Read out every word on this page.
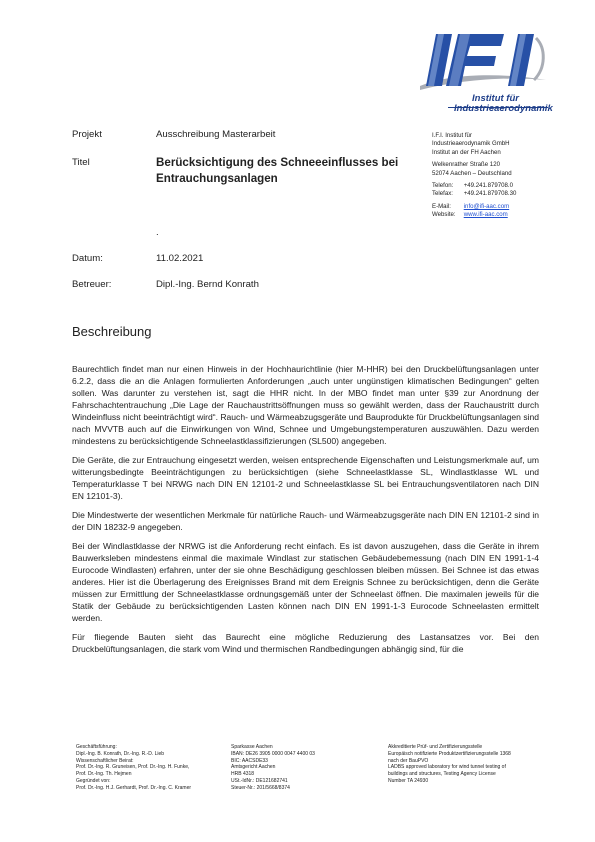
Institut für
Industrieaerodynamik
Projekt	Ausschreibung Masterarbeit
Titel	Berücksichtigung des Schneeeinflusses bei
Entrauchungsanlagen
.
Datum:	11.02.2021
Betreuer:	Dipl.-Ing. Bernd Konrath
I.F.I. Institut für
Industrieaerodynamik GmbH
Institut an der FH Aachen
Welkenrather Straße 120
52074 Aachen – Deutschland
Telefon: +49.241.879708.0
Telefax: +49.241.879708.30
E-Mail: info@ifi-aac.com
Website: www.ifi-aac.com
Beschreibung

Baurechtlich findet man nur einen Hinweis in der Hochhaurichtlinie (hier M-HHR) bei den Druckbelüftungsanlagen unter 6.2.2, dass die an die Anlagen formulierten Anforderungen „auch unter ungünstigen klimatischen Bedingungen“ gelten sollen. Was darunter zu verstehen ist, sagt die HHR nicht. In der MBO findet man unter §39 zur Anordnung der Fahrschachtentrauchung „Die Lage der Rauchaustrittsöffnungen muss so gewählt werden, dass der Rauchaustritt durch Windeinfluss nicht beeinträchtigt wird“. Rauch- und Wärmeabzugsgeräte und Bauprodukte für Druckbelüftungsanlagen sind nach MVVTB auch auf die Einwirkungen von Wind, Schnee und Umgebungstemperaturen auszuwählen. Dazu werden mindestens zu berücksichtigende Schneelastklassifizierungen (SL500) angegeben.

Die Geräte, die zur Entrauchung eingesetzt werden, weisen entsprechende Eigenschaften und Leistungsmerkmale auf, um witterungsbedingte Beeinträchtigungen zu berücksichtigen (siehe Schneelastklasse SL, Windlastklasse WL und Temperaturklasse T bei NRWG nach DIN EN 12101-2 und Schneelastklasse SL bei Entrauchungsventilatoren nach DIN EN 12101-3).

Die Mindestwerte der wesentlichen Merkmale für natürliche Rauch- und Wärmeabzugsgeräte nach DIN EN 12101-2 sind in der DIN 18232-9 angegeben.

Bei der Windlastklasse der NRWG ist die Anforderung recht einfach. Es ist davon auszugehen, dass die Geräte in ihrem Bauwerksleben mindestens einmal die maximale Windlast zur statischen Gebäudebemessung (nach DIN EN 1991-1-4 Eurocode Windlasten) erfahren, unter der sie ohne Beschädigung geschlossen bleiben müssen. Bei Schnee ist das etwas anderes. Hier ist die Überlagerung des Ereignisses Brand mit dem Ereignis Schnee zu berücksichtigen, denn die Geräte müssen zur Ermittlung der Schneelastklasse ordnungsgemäß unter der Schneelast öffnen. Die maximalen jeweils für die Statik der Gebäude zu berücksichtigenden Lasten können nach DIN EN 1991-1-3 Eurocode Schneelasten ermittelt werden.

Für fliegende Bauten sieht das Baurecht eine mögliche Reduzierung des Lastansatzes vor. Bei den Druckbelüftungsanlagen, die stark vom Wind und thermischen Randbedingungen abhängig sind, für die

Geschäftsführung:
Dipl.-Ing. B. Konrath, Dr.-Ing. R.-D. Lieb
Wissenschaftlicher Beirat:
Prof. Dr.-Ing. R. Gruneisen, Prof. Dr.-Ing. H. Funke,
Prof. Dr.-Ing. Th. Hejmen
Gegründet von:
Prof. Dr.-Ing. H.J. Gerhardt, Prof. Dr.-Ing. C. Kramer
Sparkasse Aachen
IBAN: DE26 3905 0000 0047 4400 03
BIC: AACSDE33
Amtsgericht Aachen
HRB 4318
USt.-IdNr.: DE121682741
Steuer-Nr.: 201/5668/8374
Akkreditierte Prüf- und Zertifizierungsstelle
Europäisch notifizierte Produktzertifizierungsstelle 1368
nach der BauPVO
LADBS approved laboratory for wind tunnel testing of
buildings and structures, Testing Agency License
Number TA 24930
